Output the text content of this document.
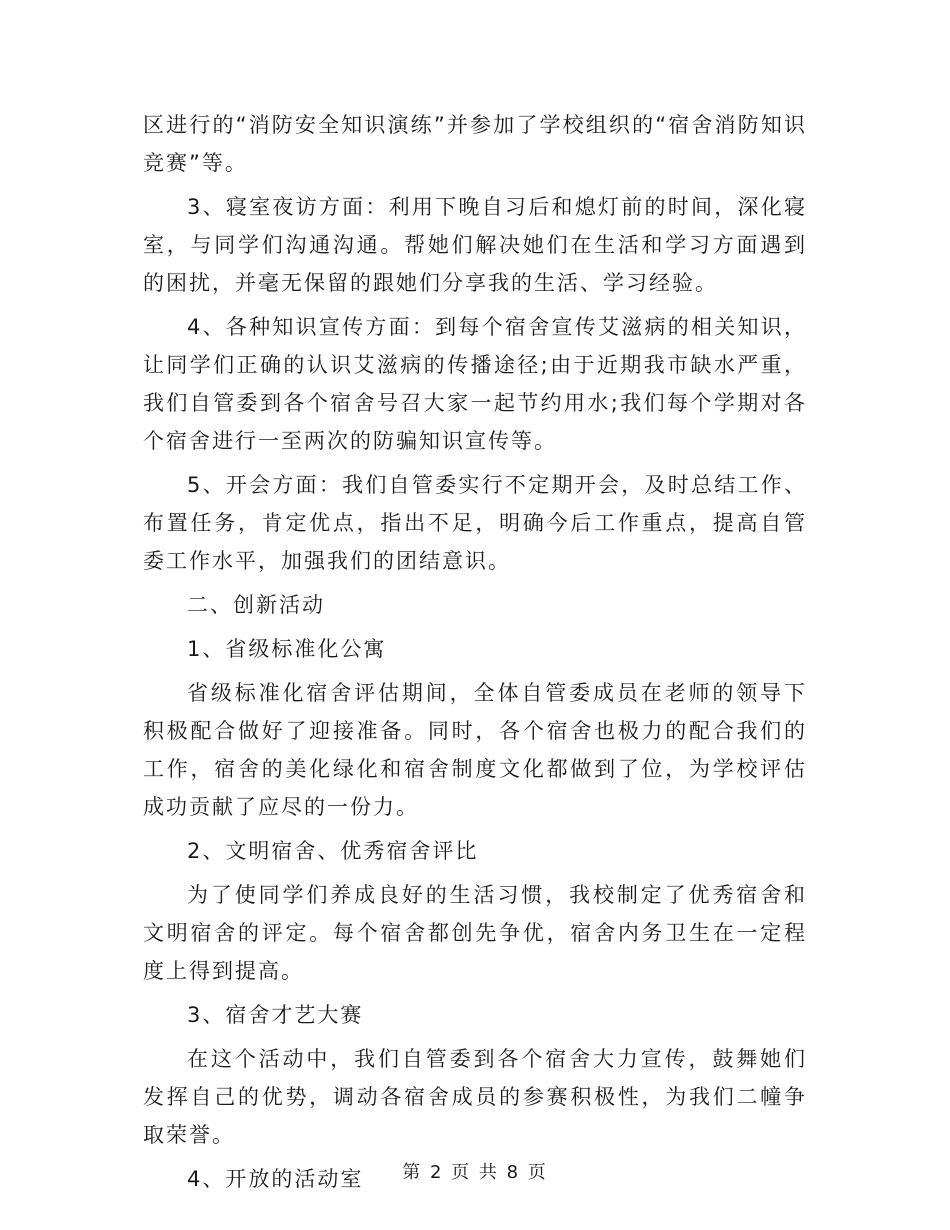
区进行的“消防安全知识演练”并参加了学校组织的“宿舍消防知识竞赛”等。

3、寝室夜访方面：利用下晚自习后和熄灯前的时间，深化寝室，与同学们沟通沟通。帮她们解决她们在生活和学习方面遇到的困扰，并毫无保留的跟她们分享我的生活、学习经验。

4、各种知识宣传方面：到每个宿舍宣传艾滋病的相关知识，让同学们正确的认识艾滋病的传播途径;由于近期我市缺水严重，我们自管委到各个宿舍号召大家一起节约用水;我们每个学期对各个宿舍进行一至两次的防骗知识宣传等。

5、开会方面：我们自管委实行不定期开会，及时总结工作、布置任务，肯定优点，指出不足，明确今后工作重点，提高自管委工作水平，加强我们的团结意识。

二、创新活动

1、省级标准化公寓

省级标准化宿舍评估期间，全体自管委成员在老师的领导下积极配合做好了迎接准备。同时，各个宿舍也极力的配合我们的工作，宿舍的美化绿化和宿舍制度文化都做到了位，为学校评估成功贡献了应尽的一份力。

2、文明宿舍、优秀宿舍评比

为了使同学们养成良好的生活习惯，我校制定了优秀宿舍和文明宿舍的评定。每个宿舍都创先争优，宿舍内务卫生在一定程度上得到提高。

3、宿舍才艺大赛

在这个活动中，我们自管委到各个宿舍大力宣传，鼓舞她们发挥自己的优势，调动各宿舍成员的参赛积极性，为我们二幢争取荣誉。

4、开放的活动室	第 2 页 共 8 页
